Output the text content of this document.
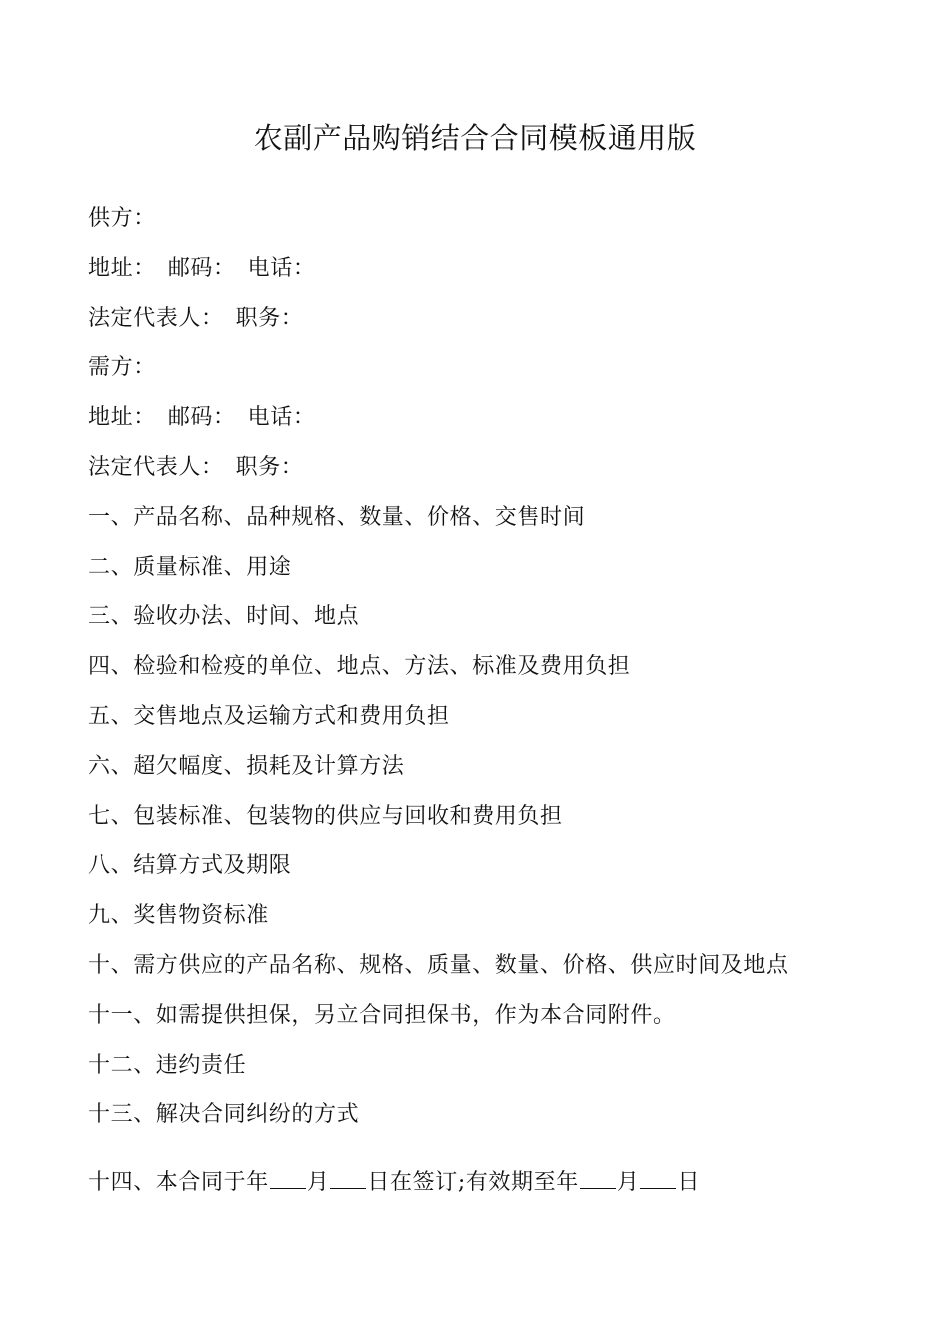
农副产品购销结合合同模板通用版
供方：
地址： 邮码： 电话：
法定代表人： 职务：
需方：
地址： 邮码： 电话：
法定代表人： 职务：
一、产品名称、品种规格、数量、价格、交售时间
二、质量标准、用途
三、验收办法、时间、地点
四、检验和检疫的单位、地点、方法、标准及费用负担
五、交售地点及运输方式和费用负担
六、超欠幅度、损耗及计算方法
七、包装标准、包装物的供应与回收和费用负担
八、结算方式及期限
九、奖售物资标准
十、需方供应的产品名称、规格、质量、数量、价格、供应时间及地点
十一、如需提供担保，另立合同担保书，作为本合同附件。
十二、违约责任
十三、解决合同纠纷的方式
十四、本合同于年 月 日在签订;有效期至年 月 日
